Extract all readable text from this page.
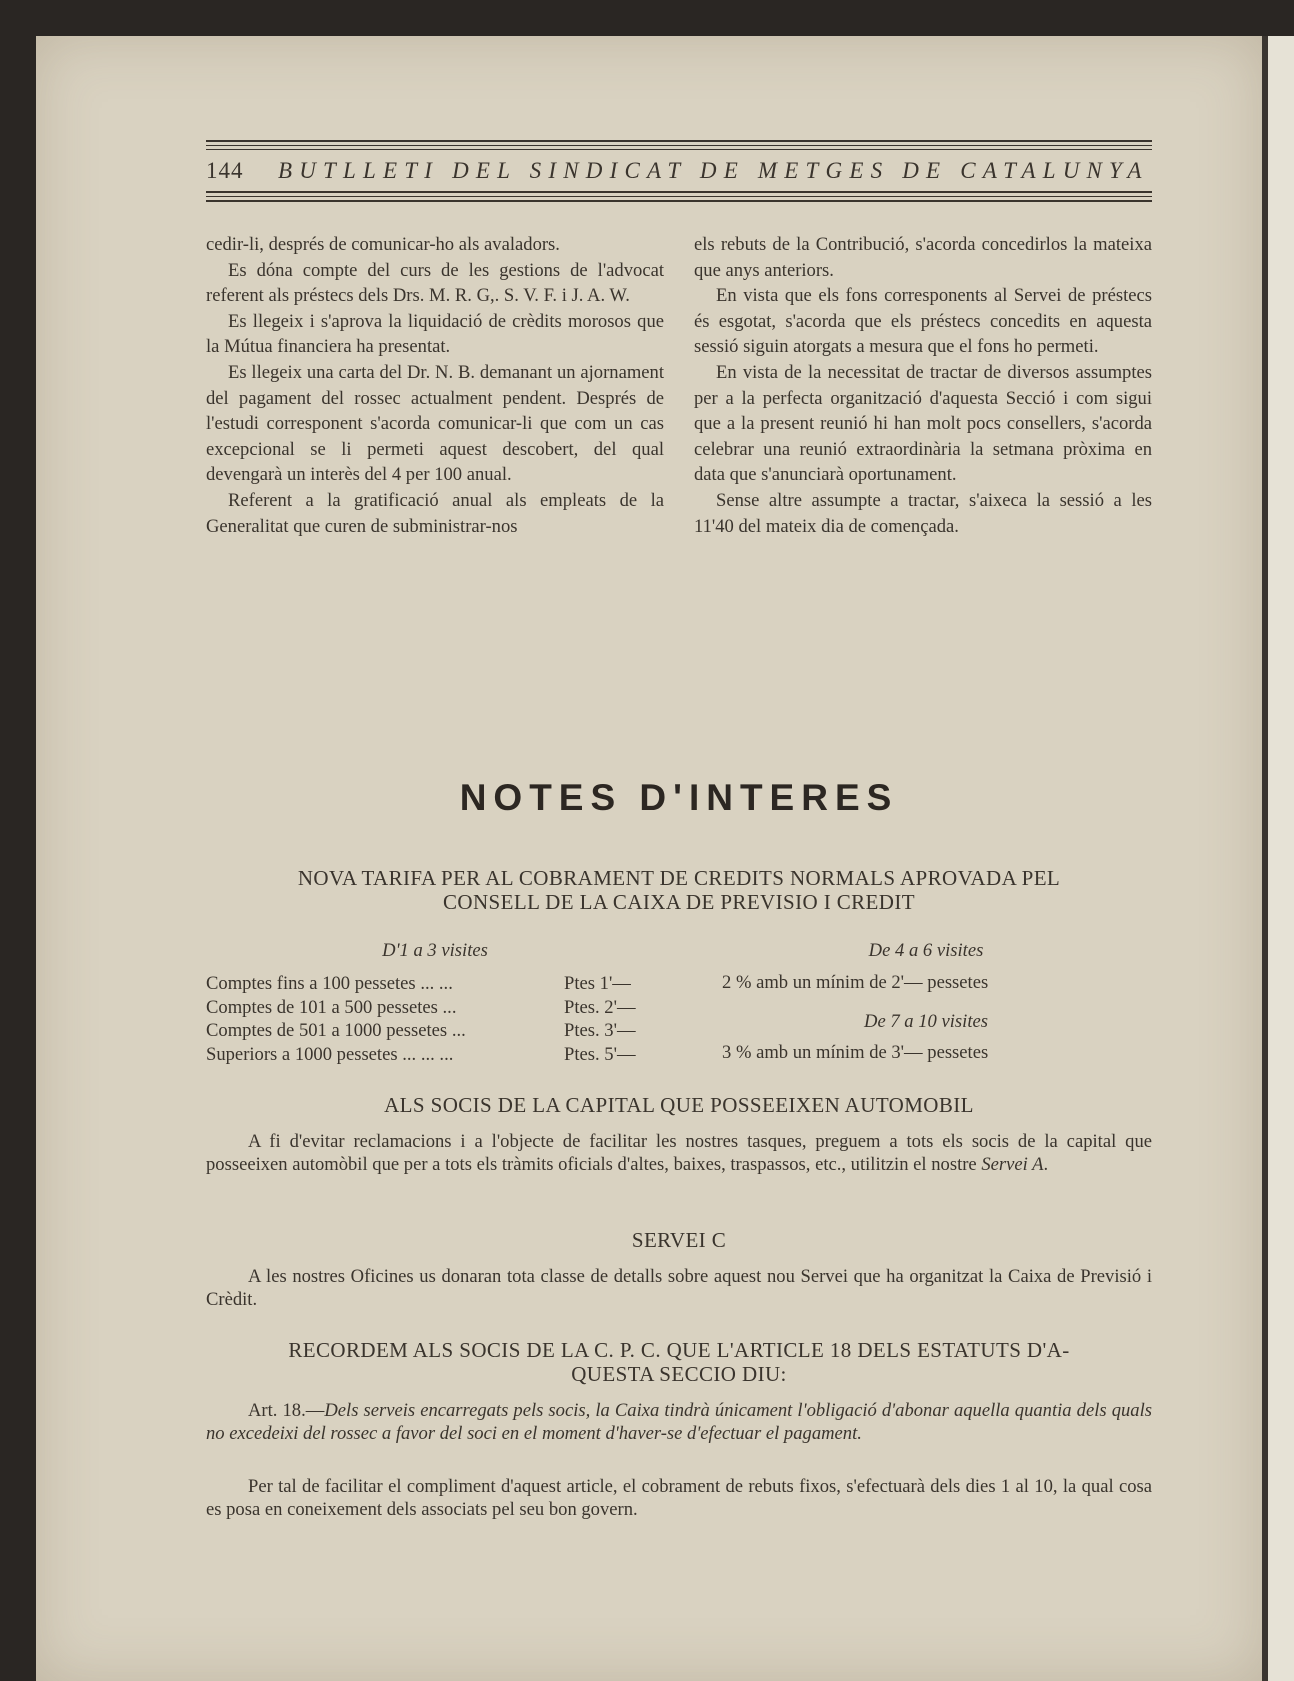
144 BUTLLETI DEL SINDICAT DE METGES DE CATALUNYA

cedir-li, després de comunicar-ho als avaladors.

Es dóna compte del curs de les gestions de l'advocat referent als préstecs dels Drs. M. R. G,. S. V. F. i J. A. W.

Es llegeix i s'aprova la liquidació de crèdits morosos que la Mútua financiera ha presentat.

Es llegeix una carta del Dr. N. B. demanant un ajornament del pagament del rossec actualment pendent. Després de l'estudi corresponent s'acorda comunicar-li que com un cas excepcional se li permeti aquest descobert, del qual devengarà un interès del 4 per 100 anual.

Referent a la gratificació anual als empleats de la Generalitat que curen de subministrar-nos

els rebuts de la Contribució, s'acorda concedirlos la mateixa que anys anteriors.

En vista que els fons corresponents al Servei de préstecs és esgotat, s'acorda que els préstecs concedits en aquesta sessió siguin atorgats a mesura que el fons ho permeti.

En vista de la necessitat de tractar de diversos assumptes per a la perfecta organització d'aquesta Secció i com sigui que a la present reunió hi han molt pocs consellers, s'acorda celebrar una reunió extraordinària la setmana pròxima en data que s'anunciarà oportunament.

Sense altre assumpte a tractar, s'aixeca la sessió a les 11'40 del mateix dia de començada.

NOTES D'INTERES
NOVA TARIFA PER AL COBRAMENT DE CREDITS NORMALS APROVADA PEL
CONSELL DE LA CAIXA DE PREVISIO I CREDIT
D'1 a 3 visites
Comptes fins a 100 pessetes ... ...	Ptes 1'—
Comptes de 101 a 500 pessetes ...	Ptes. 2'—
Comptes de 501 a 1000 pessetes ...	Ptes. 3'—
Superiors a 1000 pessetes ... ... ...	Ptes. 5'—
De 4 a 6 visites
2 % amb un mínim de 2'— pessetes
De 7 a 10 visites
3 % amb un mínim de 3'— pessetes
ALS SOCIS DE LA CAPITAL QUE POSSEEIXEN AUTOMOBIL

A fi d'evitar reclamacions i a l'objecte de facilitar les nostres tasques, preguem a tots els socis de la capital que posseeixen automòbil que per a tots els tràmits oficials d'altes, baixes, traspassos, etc., utilitzin el nostre Servei A.

SERVEI C

A les nostres Oficines us donaran tota classe de detalls sobre aquest nou Servei que ha organitzat la Caixa de Previsió i Crèdit.

RECORDEM ALS SOCIS DE LA C. P. C. QUE L'ARTICLE 18 DELS ESTATUTS D'A-
QUESTA SECCIO DIU:

Art. 18.—Dels serveis encarregats pels socis, la Caixa tindrà únicament l'obligació d'abonar aquella quantia dels quals no excedeixi del rossec a favor del soci en el moment d'haver-se d'efectuar el pagament.

Per tal de facilitar el compliment d'aquest article, el cobrament de rebuts fixos, s'efectuarà dels dies 1 al 10, la qual cosa es posa en coneixement dels associats pel seu bon govern.
